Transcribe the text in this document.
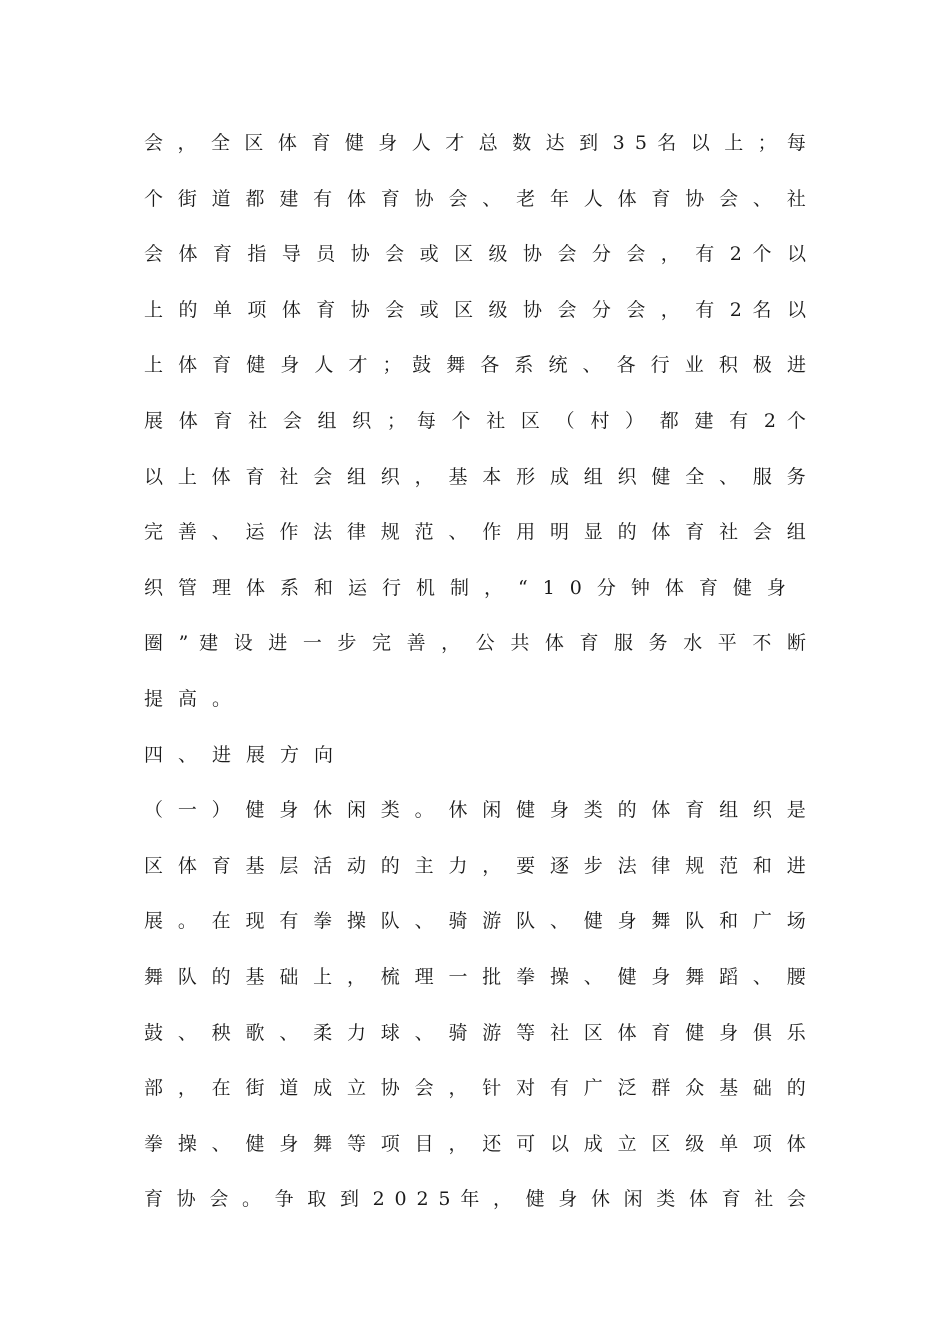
会 ， 全 区 体 育 健 身 人 才 总 数 达 到 3 5 名 以 上 ； 每
个 街 道 都 建 有 体 育 协 会 、 老 年 人 体 育 协 会 、 社
会 体 育 指 导 员 协 会 或 区 级 协 会 分 会 ， 有 2 个 以
上 的 单 项 体 育 协 会 或 区 级 协 会 分 会 ， 有 2 名 以
上 体 育 健 身 人 才 ； 鼓 舞 各 系 统 、 各 行 业 积 极 进
展 体 育 社 会 组 织 ； 每 个 社 区 （ 村 ） 都 建 有 2 个
以 上 体 育 社 会 组 织 ， 基 本 形 成 组 织 健 全 、 服 务
完 善 、 运 作 法 律 规 范 、 作 用 明 显 的 体 育 社 会 组
织管理体系和运行机制，“10分钟体育健身
圈 ” 建 设 进 一 步 完 善 ， 公 共 体 育 服 务 水 平 不 断
提高。
四、进展方向
（ 一 ） 健 身 休 闲 类 。 休 闲 健 身 类 的 体 育 组 织 是
区 体 育 基 层 活 动 的 主 力 ， 要 逐 步 法 律 规 范 和 进
展 。 在 现 有 拳 操 队 、 骑 游 队 、 健 身 舞 队 和 广 场
舞 队 的 基 础 上 ， 梳 理 一 批 拳 操 、 健 身 舞 蹈 、 腰
鼓 、 秧 歌 、 柔 力 球 、 骑 游 等 社 区 体 育 健 身 俱 乐
部 ， 在 街 道 成 立 协 会 ， 针 对 有 广 泛 群 众 基 础 的
拳 操 、 健 身 舞 等 项 目 ， 还 可 以 成 立 区 级 单 项 体
育 协 会 。 争 取 到 2 0 2 5 年 ， 健 身 休 闲 类 体 育 社 会
